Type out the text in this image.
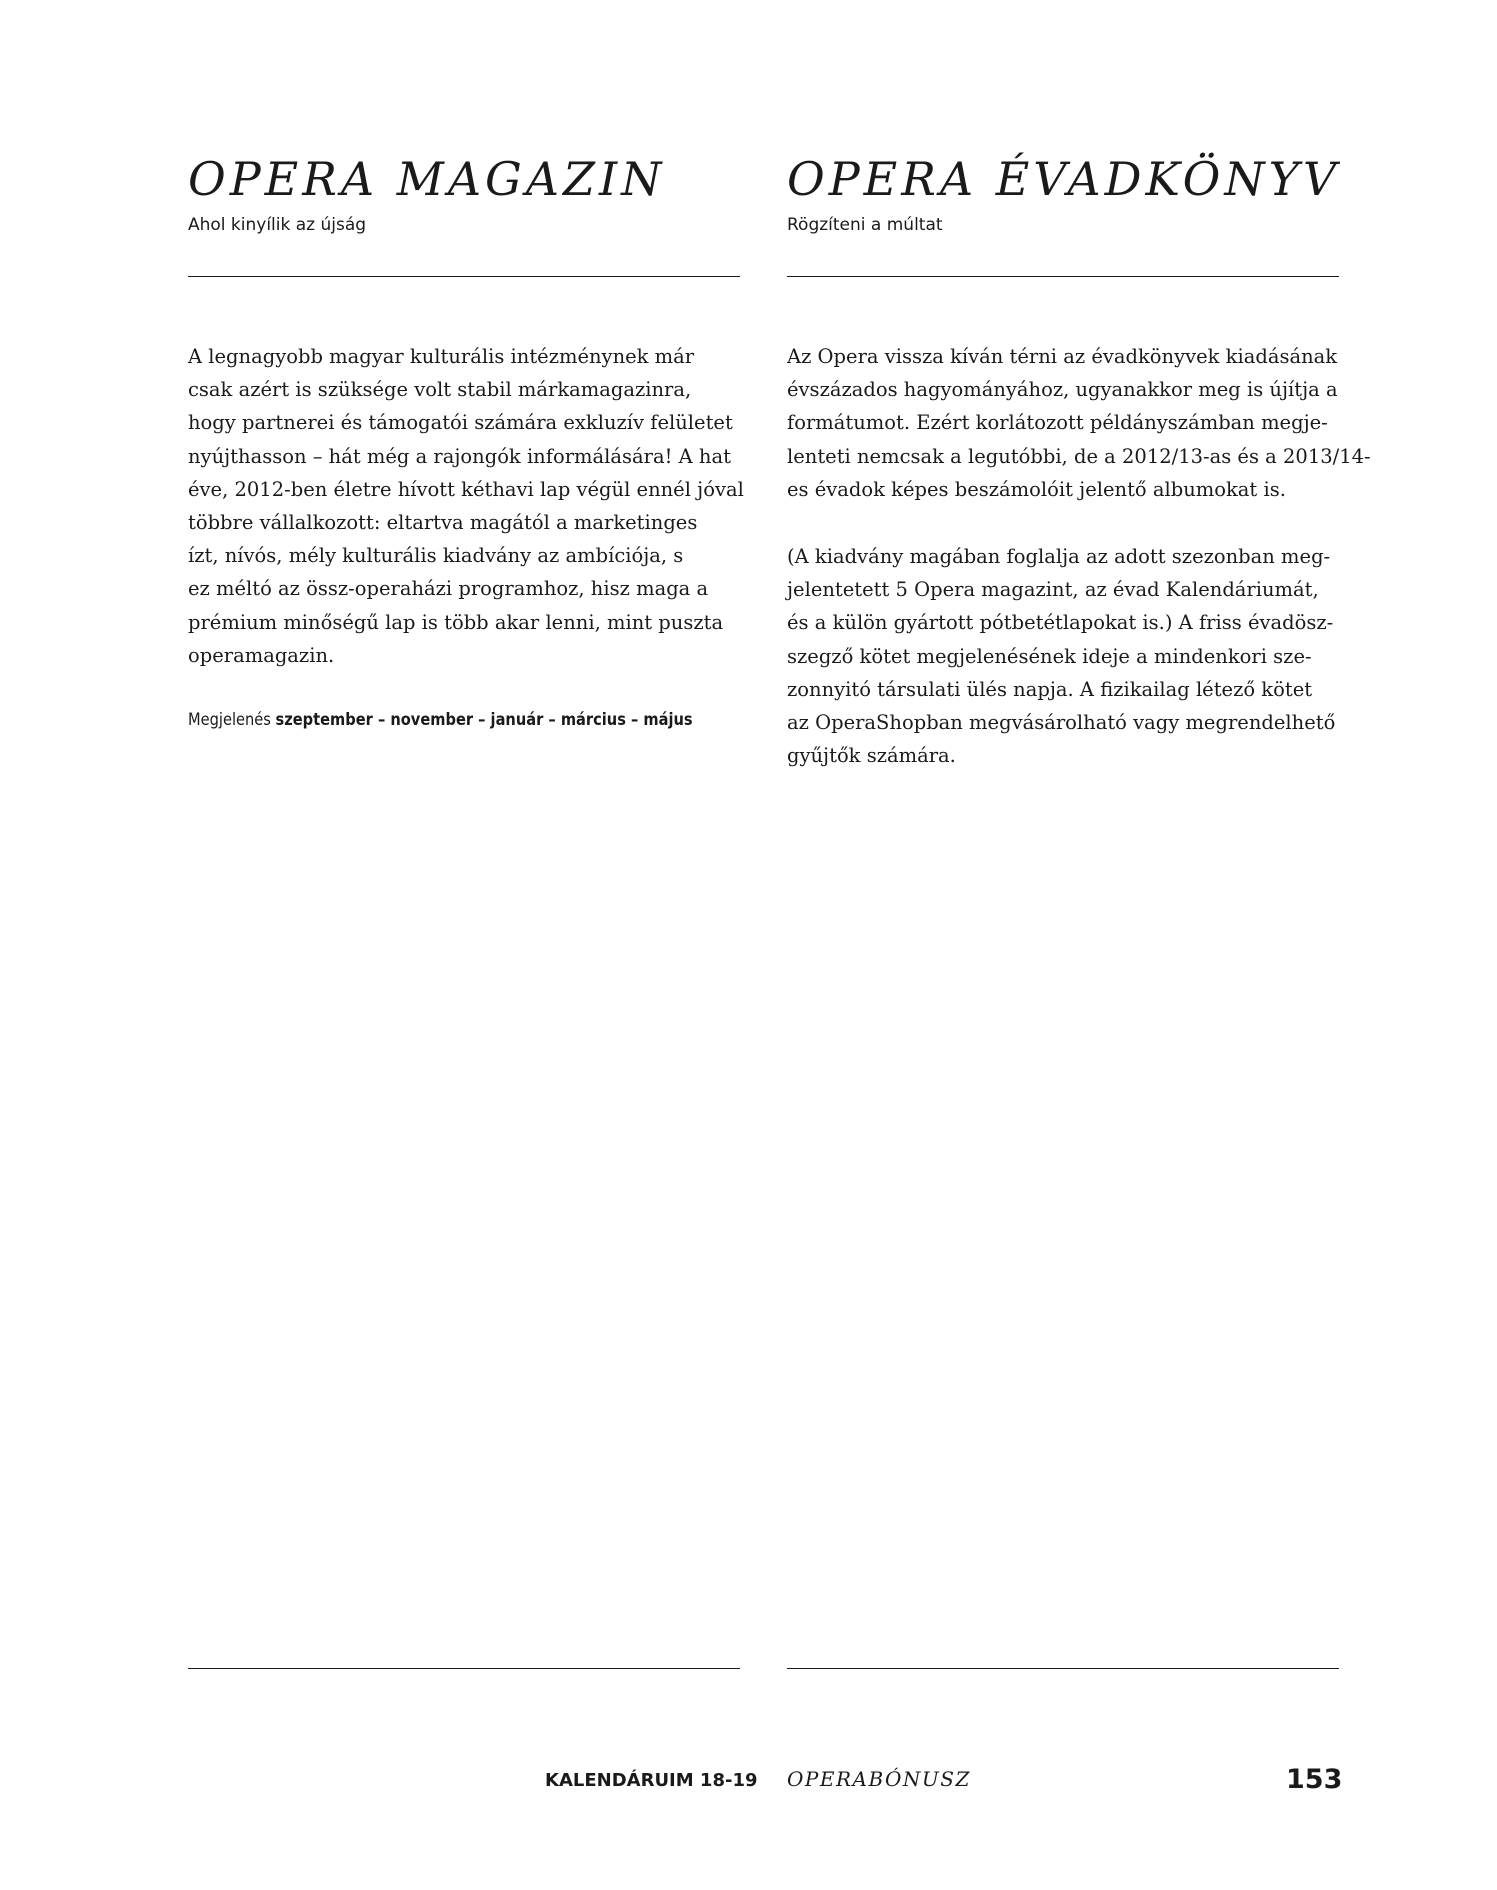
OPERA MAGAZIN

Ahol kinyílik az újság

A legnagyobb magyar kulturális intézménynek már
csak azért is szüksége volt stabil márkamagazinra,
hogy partnerei és támogatói számára exkluzív felületet
nyújthasson – hát még a rajongók informálására! A hat
éve, 2012-ben életre hívott kéthavi lap végül ennél jóval
többre vállalkozott: eltartva magától a marketinges
ízt, nívós, mély kulturális kiadvány az ambíciója, s
ez méltó az össz-operaházi programhoz, hisz maga a
prémium minőségű lap is több akar lenni, mint puszta
operamagazin.
Megjelenés szeptember – november – január – március – május
OPERA ÉVADKÖNYV

Rögzíteni a múltat

Az Opera vissza kíván térni az évadkönyvek kiadásának
évszázados hagyományához, ugyanakkor meg is újítja a
formátumot. Ezért korlátozott példányszámban megje-
lenteti nemcsak a legutóbbi, de a 2012/13-as és a 2013/14-
es évadok képes beszámolóit jelentő albumokat is.
(A kiadvány magában foglalja az adott szezonban meg-
jelentetett 5 Opera magazint, az évad Kalendáriumát,
és a külön gyártott pótbetétlapokat is.) A friss évadösz-
szegző kötet megjelenésének ideje a mindenkori sze-
zonnyitó társulati ülés napja. A fizikailag létező kötet
az OperaShopban megvásárolható vagy megrendelhető
gyűjtők számára.
KALENDÁRUIM 18-19 OPERABÓNUSZ	153
